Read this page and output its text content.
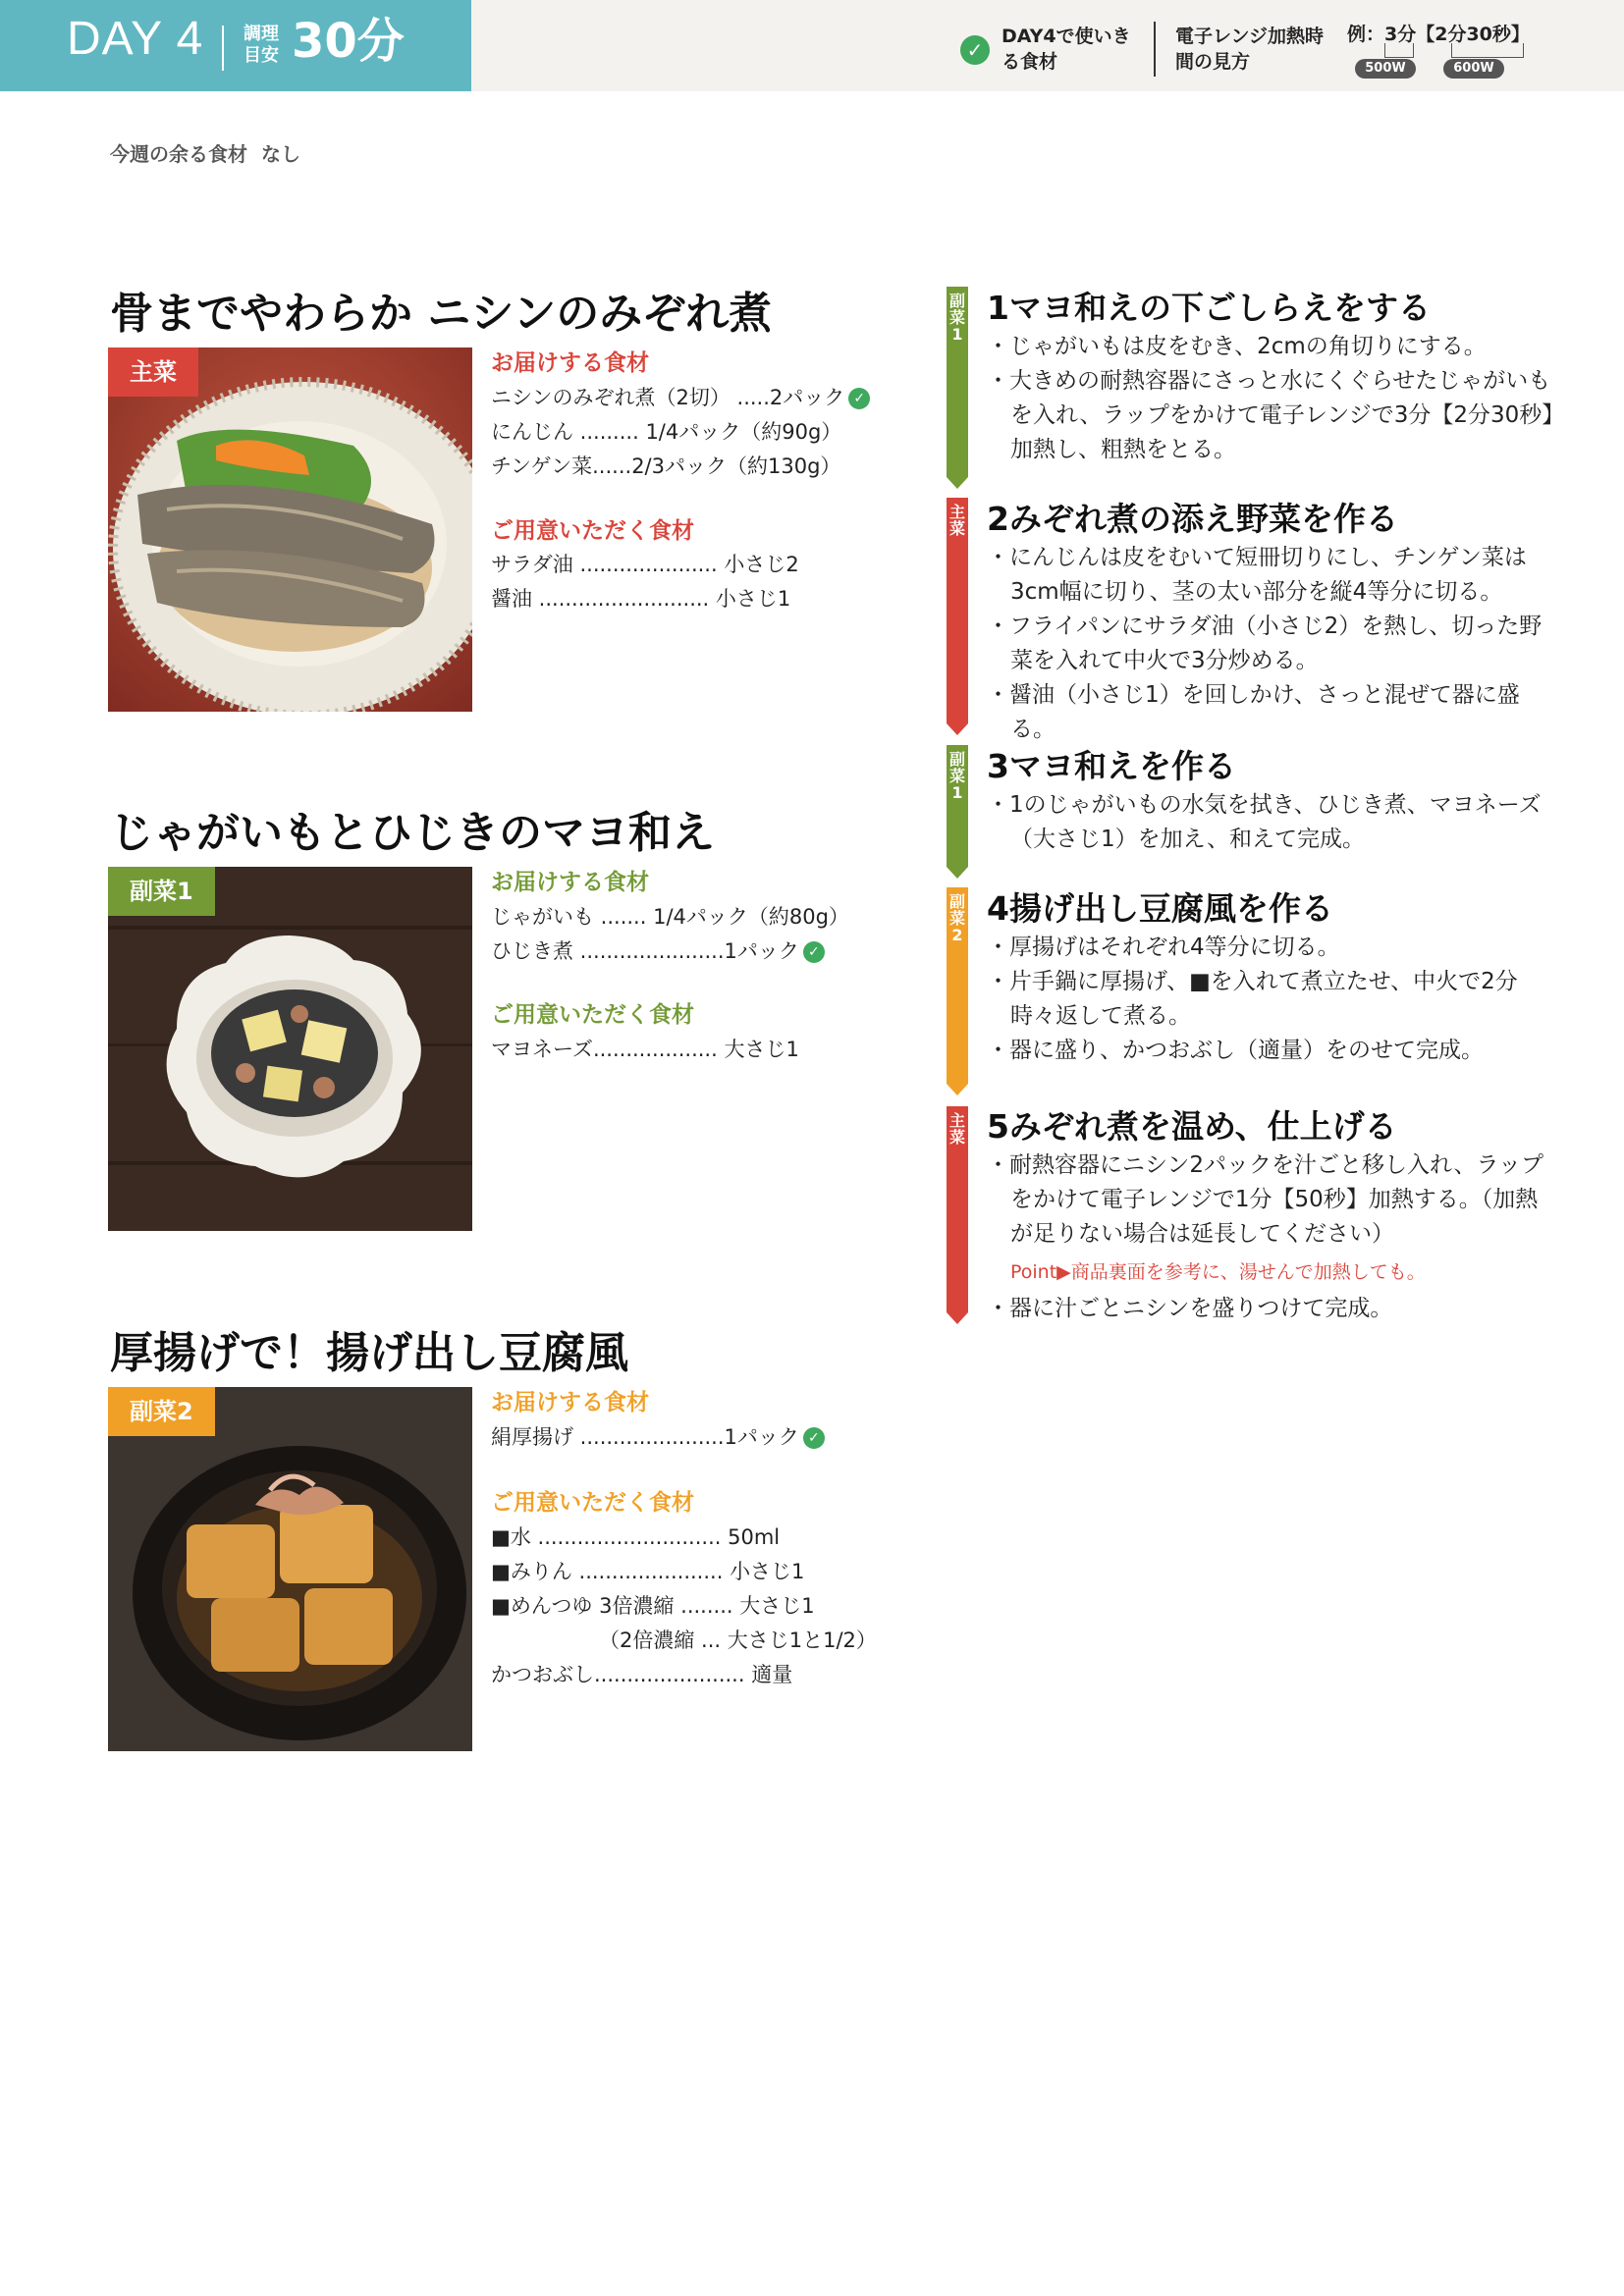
DAY 4 調理目安 30分	✓
DAY4で使いきる食材
電子レンジ加熱時間の見方
例：3分【2分30秒】
500W	600W
今週の余る食材 なし
骨までやわらか ニシンのみぞれ煮
主菜	お届けする食材
ニシンのみぞれ煮（2切） .....2パック ✓
にんじん ......... 1/4パック（約90g）
チンゲン菜......2/3パック（約130g）
ご用意いただく食材
サラダ油 ..................... 小さじ2
醤油 .......................... 小さじ1
じゃがいもとひじきのマヨ和え
副菜1	お届けする食材
じゃがいも ....... 1/4パック（約80g）
ひじき煮 ......................1パック ✓
ご用意いただく食材
マヨネーズ................... 大さじ1
厚揚げで！揚げ出し豆腐風
副菜2	お届けする食材
絹厚揚げ ......................1パック ✓
ご用意いただく食材
■水 ............................ 50ml
■みりん ...................... 小さじ1
■めんつゆ 3倍濃縮 ........ 大さじ1
（2倍濃縮 ... 大さじ1と1/2）
かつおぶし....................... 適量
副
菜
1
1マヨ和えの下ごしらえをする
・じゃがいもは皮をむき、2cmの角切りにする。
・大きめの耐熱容器にさっと水にくぐらせたじゃがいもを入れ、ラップをかけて電子レンジで3分【2分30秒】加熱し、粗熱をとる。
主
菜 2みぞれ煮の添え野菜を作る
・にんじんは皮をむいて短冊切りにし、チンゲン菜は3cm幅に切り、茎の太い部分を縦4等分に切る。
・フライパンにサラダ油（小さじ2）を熱し、切った野菜を入れて中火で3分炒める。
・醤油（小さじ1）を回しかけ、さっと混ぜて器に盛る。
副
菜
1
3マヨ和えを作る
・1のじゃがいもの水気を拭き、ひじき煮、マヨネーズ（大さじ1）を加え、和えて完成。
副
菜
2
4揚げ出し豆腐風を作る
・厚揚げはそれぞれ4等分に切る。
・片手鍋に厚揚げ、■を入れて煮立たせ、中火で2分時々返して煮る。
・器に盛り、かつおぶし（適量）をのせて完成。
主
菜 5みぞれ煮を温め、仕上げる
・耐熱容器にニシン2パックを汁ごと移し入れ、ラップをかけて電子レンジで1分【50秒】加熱する。（加熱が足りない場合は延長してください）
Point▶商品裏面を参考に、湯せんで加熱しても。
・器に汁ごとニシンを盛りつけて完成。
